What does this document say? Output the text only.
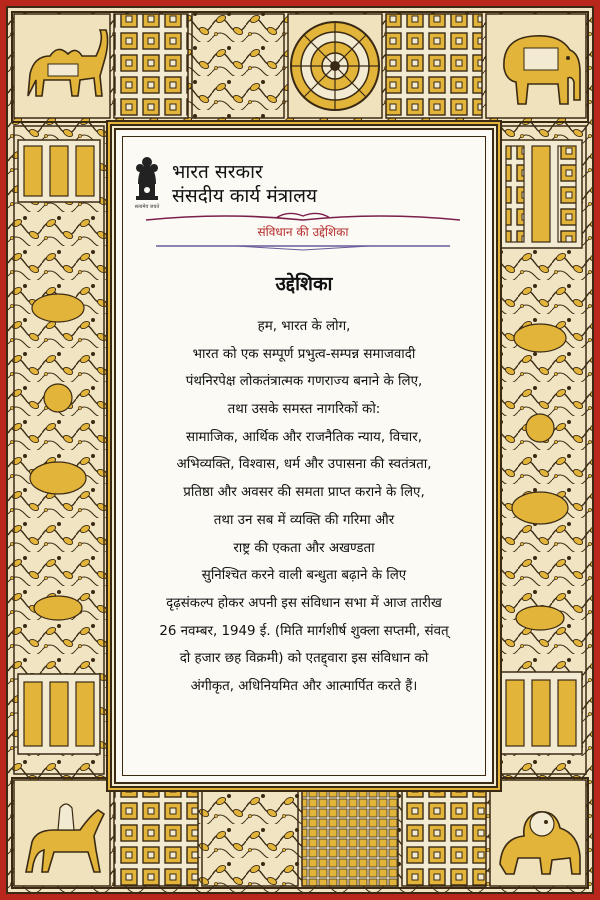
सत्यमेव जयते
भारत सरकार
संसदीय कार्य मंत्रालय
संविधान की उद्देशिका
उद्देशिका
हम, भारत के लोग,
भारत को एक सम्पूर्ण प्रभुत्व-सम्पन्न समाजवादी
पंथनिरपेक्ष लोकतंत्रात्मक गणराज्य बनाने के लिए,
तथा उसके समस्त नागरिकों को:
सामाजिक, आर्थिक और राजनैतिक न्याय, विचार,
अभिव्यक्ति, विश्वास, धर्म और उपासना की स्वतंत्रता,
प्रतिष्ठा और अवसर की समता प्राप्त कराने के लिए,
तथा उन सब में व्यक्ति की गरिमा और
राष्ट्र की एकता और अखण्डता
सुनिश्चित करने वाली बन्धुता बढ़ाने के लिए
दृढ़संकल्प होकर अपनी इस संविधान सभा में आज तारीख
26 नवम्बर, 1949 ई. (मिति मार्गशीर्ष शुक्ला सप्तमी, संवत्
दो हजार छह विक्रमी) को एतद्द्वारा इस संविधान को
अंगीकृत, अधिनियमित और आत्मार्पित करते हैं।
